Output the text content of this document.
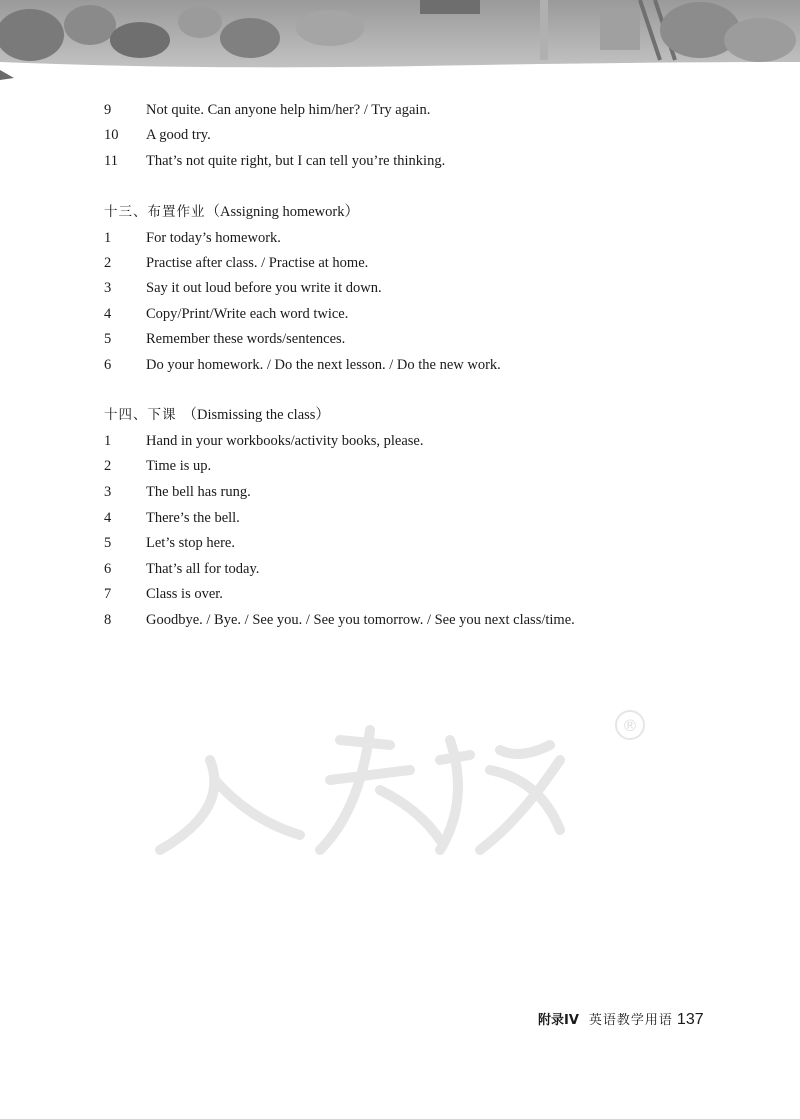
®
9	Not quite. Can anyone help him/her? / Try again.
10	A good try.
11	That’s not quite right, but I can tell you’re thinking.
十三、布置作业（Assigning homework）
1	For today’s homework.
2	Practise after class. / Practise at home.
3	Say it out loud before you write it down.
4	Copy/Print/Write each word twice.
5	Remember these words/sentences.
6	Do your homework. / Do the next lesson. / Do the new work.
十四、下课 （Dismissing the class）
1	Hand in your workbooks/activity books, please.
2	Time is up.
3	The bell has rung.
4	There’s the bell.
5	Let’s stop here.
6	That’s all for today.
7	Class is over.
8	Goodbye. / Bye. / See you. / See you tomorrow. / See you next class/time.
附录IV 英语教学用语 137
